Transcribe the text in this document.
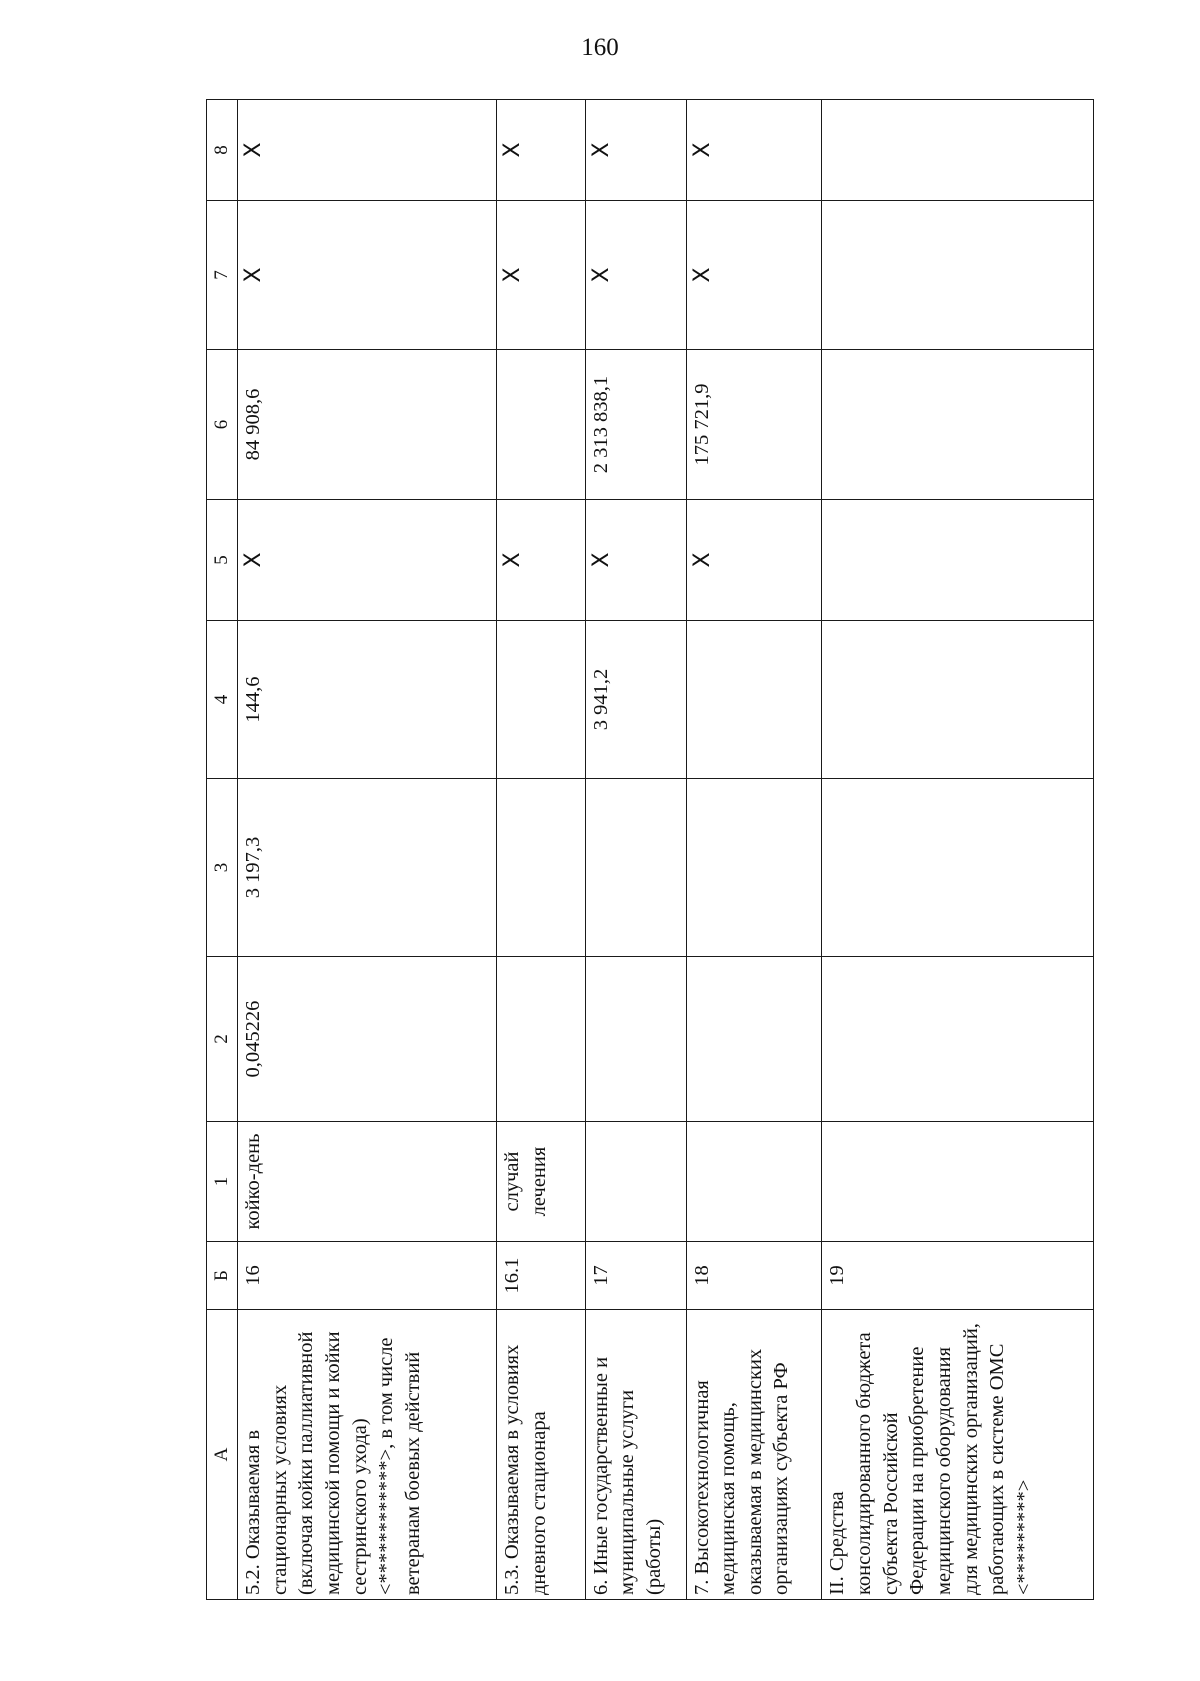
160
А	Б	1	2	3	4	5	6	7	8
5.2. Оказываемая в стационарных условиях (включая койки паллиативной медицинской помощи и койки сестринского ухода) <************>, в том числе ветеранам боевых действий	16	койко-день	0,045226	3 197,3	144,6	Х	84 908,6	Х	Х
5.3. Оказываемая в условиях дневного стационара	16.1	случай лечения				Х		Х	Х
6. Иные государственные и муниципальные услуги (работы)	17				3 941,2	Х	2 313 838,1	Х	Х
7. Высокотехнологичная медицинская помощь, оказываемая в медицинских организациях субъекта РФ	18					Х	175 721,9	Х	Х
II. Средства консолидированного бюджета субъекта Российской Федерации на приобретение медицинского оборудования для медицинских организаций, работающих в системе ОМС <*********>	19								
